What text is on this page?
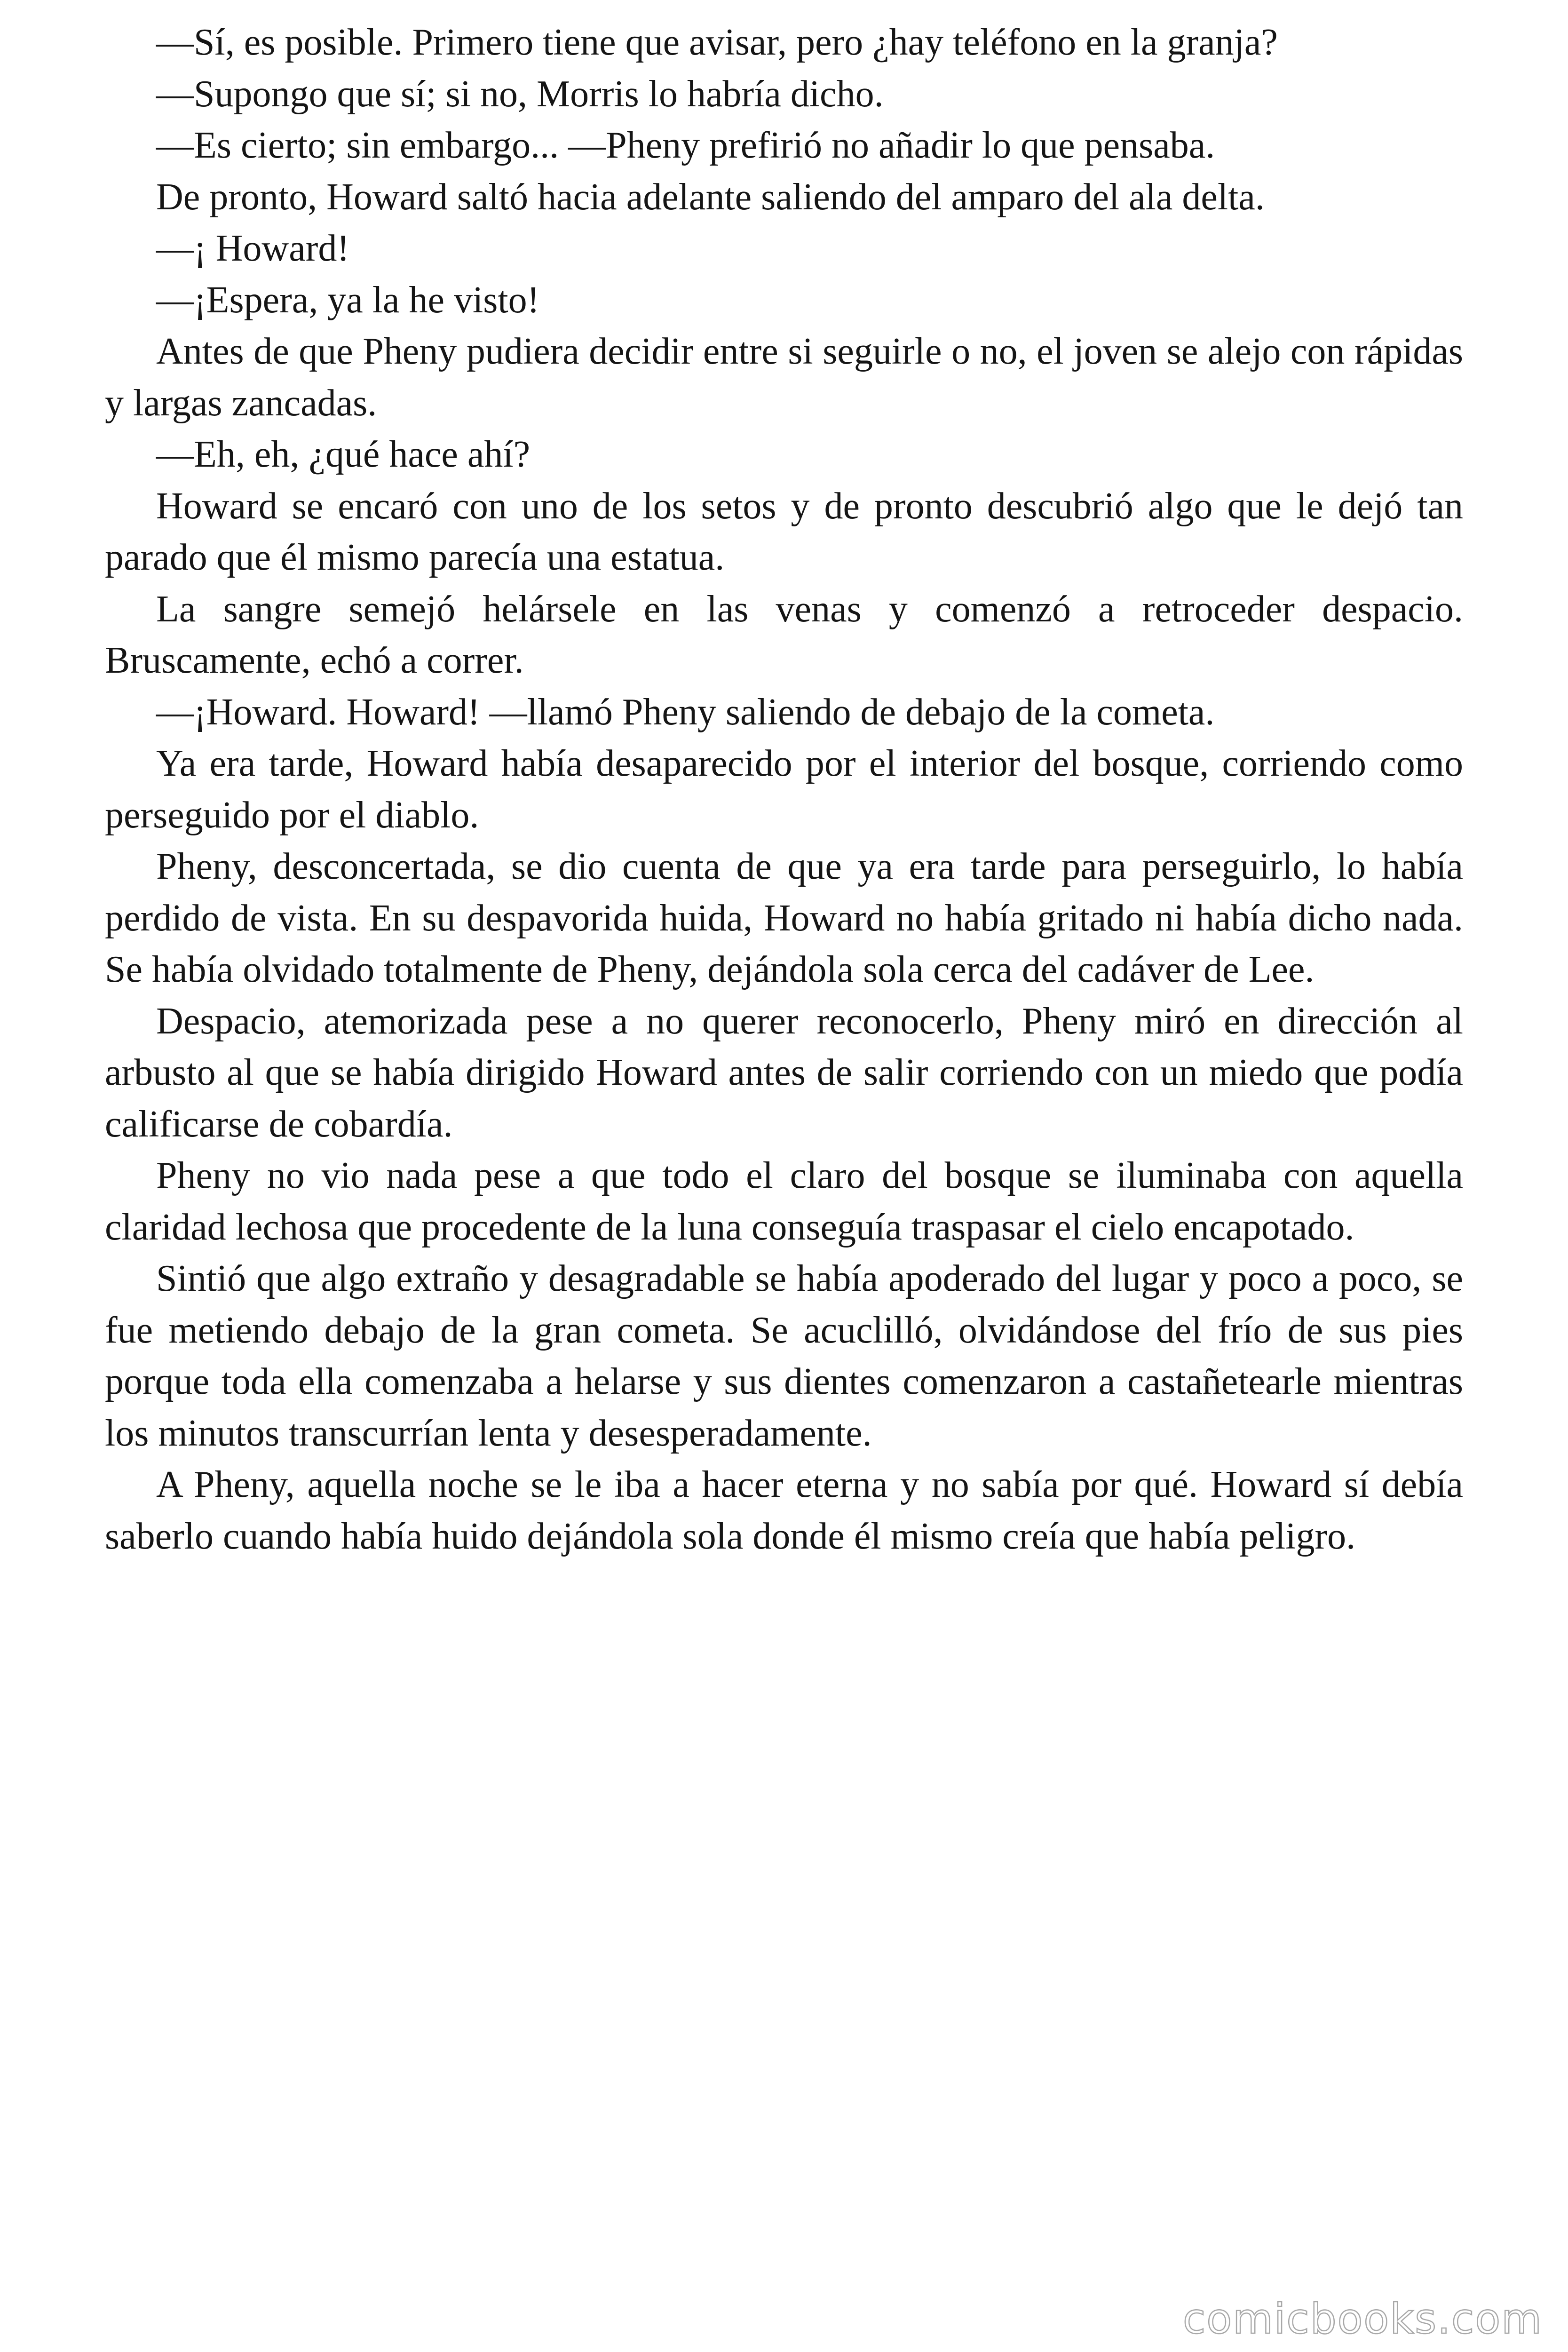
—Sí, es posible. Primero tiene que avisar, pero ¿hay teléfono en la granja?

—Supongo que sí; si no, Morris lo habría dicho.

—Es cierto; sin embargo... —Pheny prefirió no añadir lo que pensaba.

De pronto, Howard saltó hacia adelante saliendo del amparo del ala delta.

—¡ Howard!

—¡Espera, ya la he visto!

Antes de que Pheny pudiera decidir entre si seguirle o no, el joven se alejo con rápidas y largas zancadas.

—Eh, eh, ¿qué hace ahí?

Howard se encaró con uno de los setos y de pronto descubrió algo que le dejó tan parado que él mismo parecía una estatua.

La sangre semejó helársele en las venas y comenzó a retroceder despacio. Bruscamente, echó a correr.

—¡Howard. Howard! —llamó Pheny saliendo de debajo de la cometa.

Ya era tarde, Howard había desaparecido por el interior del bosque, corriendo como perseguido por el diablo.

Pheny, desconcertada, se dio cuenta de que ya era tarde para perseguirlo, lo había perdido de vista. En su despavorida huida, Howard no había gritado ni había dicho nada. Se había olvidado totalmente de Pheny, dejándola sola cerca del cadáver de Lee.

Despacio, atemorizada pese a no querer reconocerlo, Pheny miró en dirección al arbusto al que se había dirigido Howard antes de salir corriendo con un miedo que podía calificarse de cobardía.

Pheny no vio nada pese a que todo el claro del bosque se iluminaba con aquella claridad lechosa que procedente de la luna conseguía traspasar el cielo encapotado.

Sintió que algo extraño y desagradable se había apoderado del lugar y poco a poco, se fue metiendo debajo de la gran cometa. Se acuclilló, olvidándose del frío de sus pies porque toda ella comenzaba a helarse y sus dientes comenzaron a castañetearle mientras los minutos transcurrían lenta y desesperadamente.

A Pheny, aquella noche se le iba a hacer eterna y no sabía por qué. Howard sí debía saberlo cuando había huido dejándola sola donde él mismo creía que había peligro.

comicbooks.com
